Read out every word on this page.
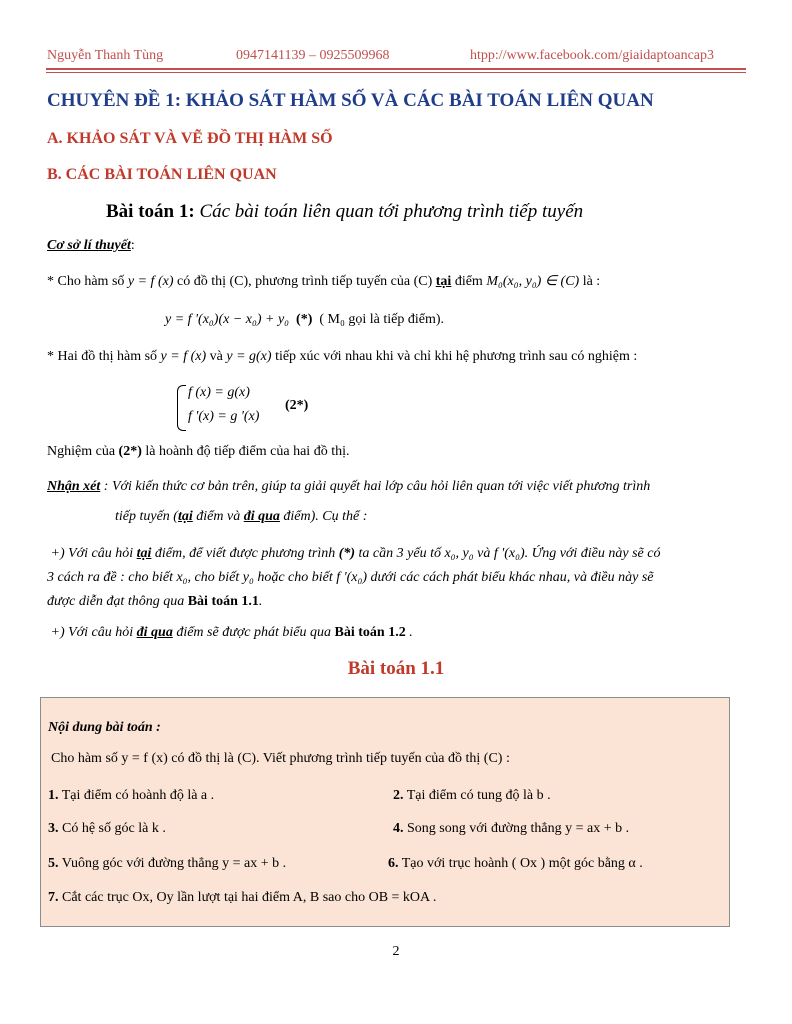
Nguyễn Thanh Tùng	0947141139 – 0925509968	htpp://www.facebook.com/giaidaptoancap3
CHUYÊN ĐỀ 1: KHẢO SÁT HÀM SỐ VÀ CÁC BÀI TOÁN LIÊN QUAN
A. KHẢO SÁT VÀ VẼ ĐỒ THỊ HÀM SỐ
B. CÁC BÀI TOÁN LIÊN QUAN
Bài toán 1: Các bài toán liên quan tới phương trình tiếp tuyến
Cơ sở lí thuyết:
* Cho hàm số y = f (x) có đồ thị (C), phương trình tiếp tuyến của (C) tại điểm M₀(x₀, y₀) ∈ (C) là :
y = f '(x₀)(x − x₀) + y₀ (*) ( M₀ gọi là tiếp điểm).
* Hai đồ thị hàm số y = f (x) và y = g(x) tiếp xúc với nhau khi và chỉ khi hệ phương trình sau có nghiệm :
f (x) = g(x)
f '(x) = g '(x)
(2*)
Nghiệm của (2*) là hoành độ tiếp điểm của hai đồ thị.
Nhận xét : Với kiến thức cơ bản trên, giúp ta giải quyết hai lớp câu hỏi liên quan tới việc viết phương trình
tiếp tuyến (tại điểm và đi qua điểm). Cụ thể :
+) Với câu hỏi tại điểm, để viết được phương trình (*) ta cần 3 yếu tố x₀, y₀ và f '(x₀). Ứng với điều này sẽ có
3 cách ra đề : cho biết x₀, cho biết y₀ hoặc cho biết f '(x₀) dưới các cách phát biểu khác nhau, và điều này sẽ
được diễn đạt thông qua Bài toán 1.1.
+) Với câu hỏi đi qua điểm sẽ được phát biểu qua Bài toán 1.2 .
Bài toán 1.1
Nội dung bài toán :
Cho hàm số y = f (x) có đồ thị là (C). Viết phương trình tiếp tuyến của đồ thị (C) :
1. Tại điểm có hoành độ là a .	2. Tại điểm có tung độ là b .
3. Có hệ số góc là k .	4. Song song với đường thẳng y = ax + b .
5. Vuông góc với đường thẳng y = ax + b .	6. Tạo với trục hoành ( Ox ) một góc bằng α .
7. Cắt các trục Ox, Oy lần lượt tại hai điểm A, B sao cho OB = kOA .
2
